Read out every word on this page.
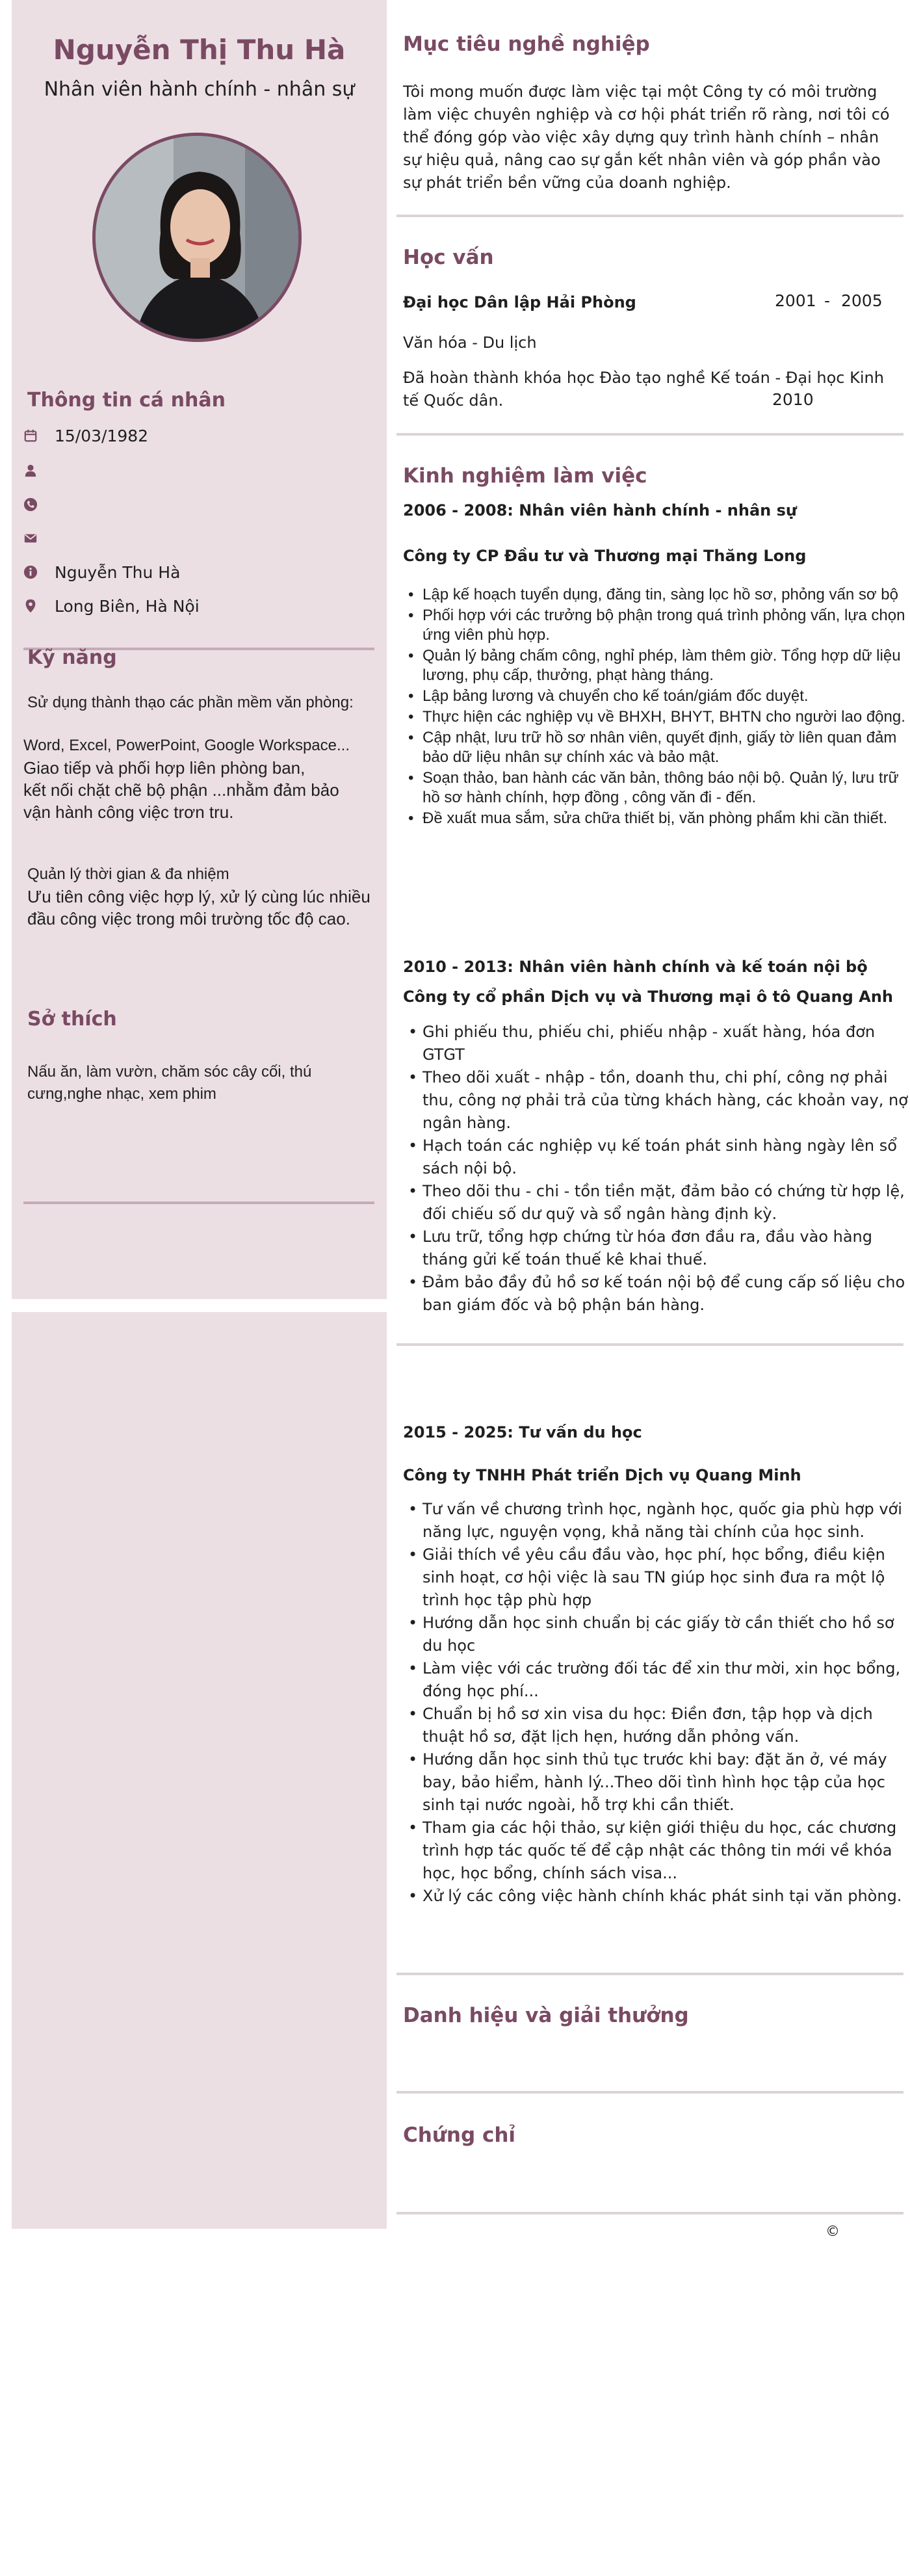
Nguyễn Thị Thu Hà
Nhân viên hành chính - nhân sự
Thông tin cá nhân
15/03/1982
Nguyễn Thu Hà
Long Biên, Hà Nội
Kỹ năng
Sử dụng thành thạo các phần mềm văn phòng:
Word, Excel, PowerPoint, Google Workspace...
Giao tiếp và phối hợp liên phòng ban,
kết nối chặt chẽ bộ phận ...nhằm đảm bảo
vận hành công việc trơn tru.
Quản lý thời gian & đa nhiệm
Ưu tiên công việc hợp lý, xử lý cùng lúc nhiều
đầu công việc trong môi trường tốc độ cao.
Sở thích
Nấu ăn, làm vườn, chăm sóc cây cối, thú
cưng,nghe nhạc, xem phim
Mục tiêu nghề nghiệp
Tôi mong muốn được làm việc tại một Công ty có môi trường làm việc chuyên nghiệp và cơ hội phát triển rõ ràng, nơi tôi có thể đóng góp vào việc xây dựng quy trình hành chính – nhân sự hiệu quả, nâng cao sự gắn kết nhân viên và góp phần vào sự phát triển bền vững của doanh nghiệp.
Học vấn
Đại học Dân lập Hải Phòng	2001 - 2005
Văn hóa - Du lịch
Đã hoàn thành khóa học Đào tạo nghề Kế toán - Đại học Kinh tế Quốc dân.	2010
Kinh nghiệm làm việc
2006 - 2008: Nhân viên hành chính - nhân sự
Công ty CP Đầu tư và Thương mại Thăng Long
• Lập kế hoạch tuyển dụng, đăng tin, sàng lọc hồ sơ, phỏng vấn sơ bộ
• Phối hợp với các trưởng bộ phận trong quá trình phỏng vấn, lựa chọn ứng viên phù hợp.
• Quản lý bảng chấm công, nghỉ phép, làm thêm giờ. Tổng hợp dữ liệu lương, phụ cấp, thưởng, phạt hàng tháng.
• Lập bảng lương và chuyển cho kế toán/giám đốc duyệt.
• Thực hiện các nghiệp vụ về BHXH, BHYT, BHTN cho người lao động.
• Cập nhật, lưu trữ hồ sơ nhân viên, quyết định, giấy tờ liên quan đảm bảo dữ liệu nhân sự chính xác và bảo mật.
• Soạn thảo, ban hành các văn bản, thông báo nội bộ. Quản lý, lưu trữ hồ sơ hành chính, hợp đồng , công văn đi - đến.
• Đề xuất mua sắm, sửa chữa thiết bị, văn phòng phẩm khi cần thiết.
2010 - 2013: Nhân viên hành chính và kế toán nội bộ
Công ty cổ phần Dịch vụ và Thương mại ô tô Quang Anh
• Ghi phiếu thu, phiếu chi, phiếu nhập - xuất hàng, hóa đơn GTGT
• Theo dõi xuất - nhập - tồn, doanh thu, chi phí, công nợ phải thu, công nợ phải trả của từng khách hàng, các khoản vay, nợ ngân hàng.
• Hạch toán các nghiệp vụ kế toán phát sinh hàng ngày lên sổ sách nội bộ.
• Theo dõi thu - chi - tồn tiền mặt, đảm bảo có chứng từ hợp lệ, đối chiếu số dư quỹ và sổ ngân hàng định kỳ.
• Lưu trữ, tổng hợp chứng từ hóa đơn đầu ra, đầu vào hàng tháng gửi kế toán thuế kê khai thuế.
• Đảm bảo đầy đủ hồ sơ kế toán nội bộ để cung cấp số liệu cho ban giám đốc và bộ phận bán hàng.
2015 - 2025: Tư vấn du học
Công ty TNHH Phát triển Dịch vụ Quang Minh
• Tư vấn về chương trình học, ngành học, quốc gia phù hợp với năng lực, nguyện vọng, khả năng tài chính của học sinh.
• Giải thích về yêu cầu đầu vào, học phí, học bổng, điều kiện sinh hoạt, cơ hội việc là sau TN giúp học sinh đưa ra một lộ trình học tập phù hợp
• Hướng dẫn học sinh chuẩn bị các giấy tờ cần thiết cho hồ sơ du học
• Làm việc với các trường đối tác để xin thư mời, xin học bổng, đóng học phí...
• Chuẩn bị hồ sơ xin visa du học: Điền đơn, tập họp và dịch thuật hồ sơ, đặt lịch hẹn, hướng dẫn phỏng vấn.
• Hướng dẫn học sinh thủ tục trước khi bay: đặt ăn ở, vé máy bay, bảo hiểm, hành lý...Theo dõi tình hình học tập của học sinh tại nước ngoài, hỗ trợ khi cần thiết.
• Tham gia các hội thảo, sự kiện giới thiệu du học, các chương trình hợp tác quốc tế để cập nhật các thông tin mới về khóa học, học bổng, chính sách visa...
• Xử lý các công việc hành chính khác phát sinh tại văn phòng.
Danh hiệu và giải thưởng
Chứng chỉ
©
